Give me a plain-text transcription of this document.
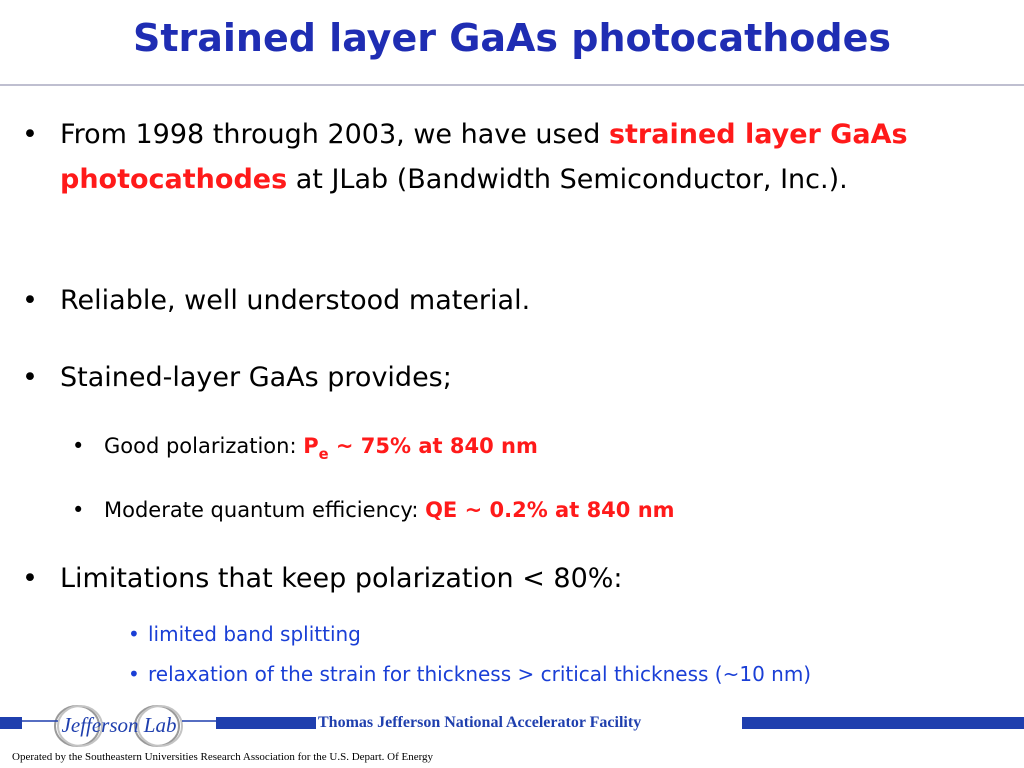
Strained layer GaAs photocathodes
• From 1998 through 2003, we have used strained layer GaAs photocathodes at JLab (Bandwidth Semiconductor, Inc.).
• Reliable, well understood material.
• Stained-layer GaAs provides;
• Good polarization: $P_e$ ~ 75% at 840 nm
• Moderate quantum efficiency: QE ~ 0.2% at 840 nm
• Limitations that keep polarization < 80%:
• limited band splitting
• relaxation of the strain for thickness > critical thickness (~10 nm)
Jefferson Lab	Thomas Jefferson National Accelerator Facility
Operated by the Southeastern Universities Research Association for the U.S. Depart. Of Energy
